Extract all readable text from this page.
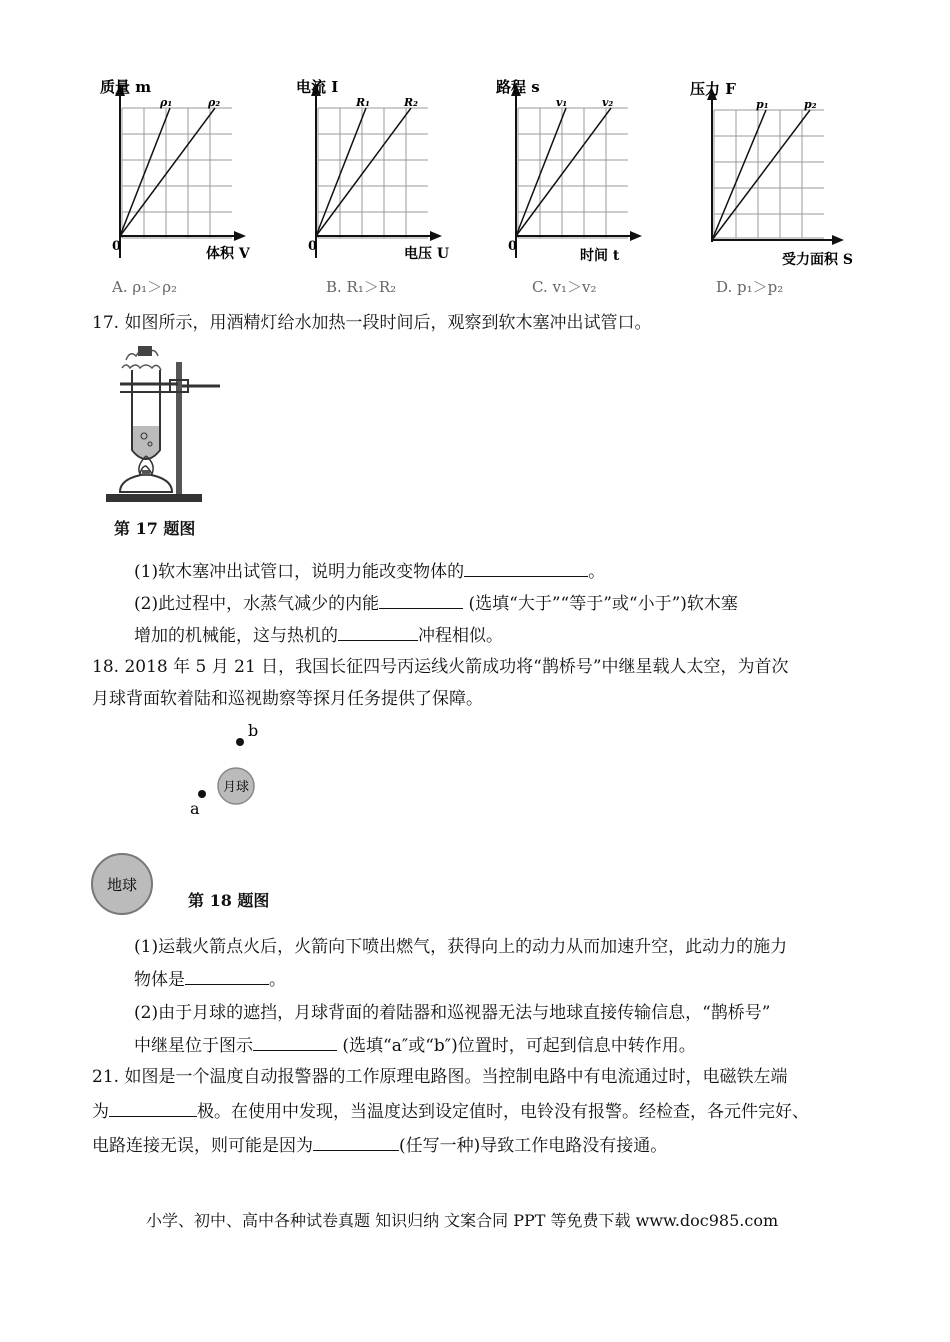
质量 m
ρ₁	ρ₂
0	体积 V
A. ρ₁＞ρ₂
电流 I
R₁	R₂
0	电压 U
B. R₁＞R₂
路程 s
v₁	v₂
0
时间 t
C. v₁＞v₂
压力 F
p₁	p₂
受力面积 S
D. p₁＞p₂
17. 如图所示，用酒精灯给水加热一段时间后，观察到软木塞冲出试管口。
第 17 题图
(1)软木塞冲出试管口，说明力能改变物体的	。
(2)此过程中，水蒸气减少的内能	(选填“大于”“等于”或“小于”)软木塞
增加的机械能，这与热机的	冲程相似。
18. 2018 年 5 月 21 日，我国长征四号丙运线火箭成功将“鹊桥号”中继星载人太空，为首次
月球背面软着陆和巡视勘察等探月任务提供了保障。
b
月球
a
地球
第 18 题图
(1)运载火箭点火后，火箭向下喷出燃气，获得向上的动力从而加速升空，此动力的施力
物体是	。
(2)由于月球的遮挡，月球背面的着陆器和巡视器无法与地球直接传输信息，“鹊桥号”
中继星位于图示	(选填“a″或“b″)位置时，可起到信息中转作用。
21. 如图是一个温度自动报警器的工作原理电路图。当控制电路中有电流通过时，电磁铁左端
为	极。在使用中发现，当温度达到设定值时，电铃没有报警。经检查，各元件完好、
电路连接无误，则可能是因为	(任写一种)导致工作电路没有接通。
小学、初中、高中各种试卷真题 知识归纳 文案合同 PPT 等免费下载 www.doc985.com
